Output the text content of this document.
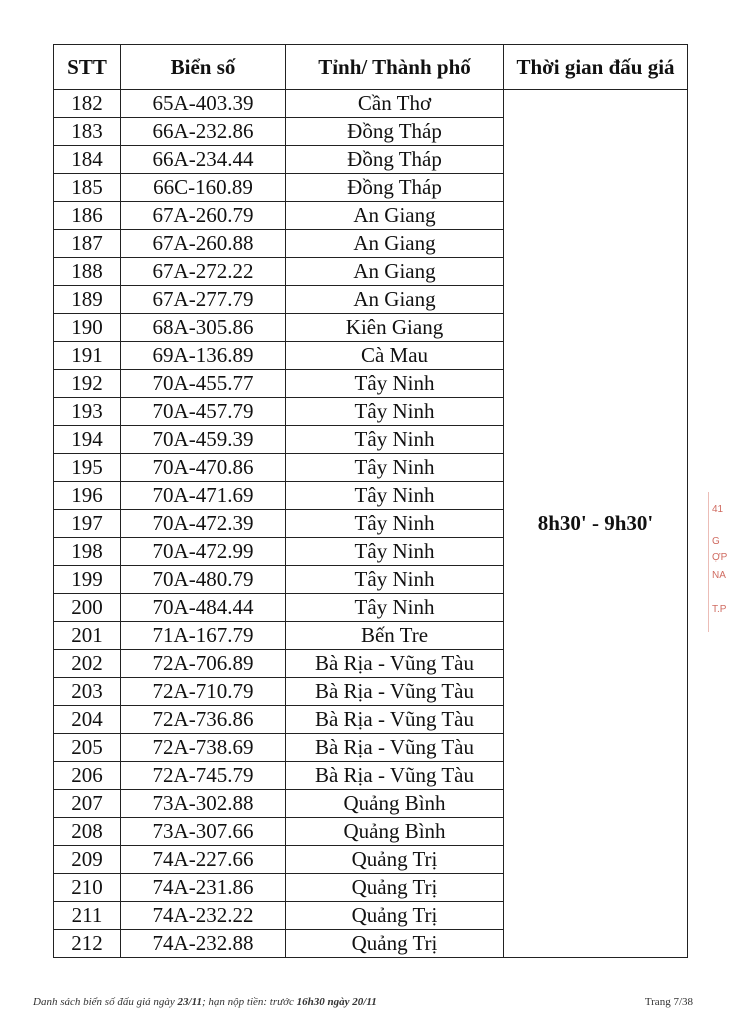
STT	Biển số	Tỉnh/ Thành phố	Thời gian đấu giá
182	65A-403.39	Cần Thơ	8h30' - 9h30'
183	66A-232.86	Đồng Tháp	
184	66A-234.44	Đồng Tháp	
185	66C-160.89	Đồng Tháp	
186	67A-260.79	An Giang	
187	67A-260.88	An Giang	
188	67A-272.22	An Giang	
189	67A-277.79	An Giang	
190	68A-305.86	Kiên Giang	
191	69A-136.89	Cà Mau	
192	70A-455.77	Tây Ninh	
193	70A-457.79	Tây Ninh	
194	70A-459.39	Tây Ninh	
195	70A-470.86	Tây Ninh	
196	70A-471.69	Tây Ninh	
197	70A-472.39	Tây Ninh	
198	70A-472.99	Tây Ninh	
199	70A-480.79	Tây Ninh	
200	70A-484.44	Tây Ninh	
201	71A-167.79	Bến Tre	
202	72A-706.89	Bà Rịa - Vũng Tàu	
203	72A-710.79	Bà Rịa - Vũng Tàu	
204	72A-736.86	Bà Rịa - Vũng Tàu	
205	72A-738.69	Bà Rịa - Vũng Tàu	
206	72A-745.79	Bà Rịa - Vũng Tàu	
207	73A-302.88	Quảng Bình	
208	73A-307.66	Quảng Bình	
209	74A-227.66	Quảng Trị	
210	74A-231.86	Quảng Trị	
211	74A-232.22	Quảng Trị	
212	74A-232.88	Quảng Trị	
Danh sách biển số đấu giá ngày 23/11; hạn nộp tiền: trước 16h30 ngày 20/11	Trang 7/38
41
G
ỢP
NA
T.P
